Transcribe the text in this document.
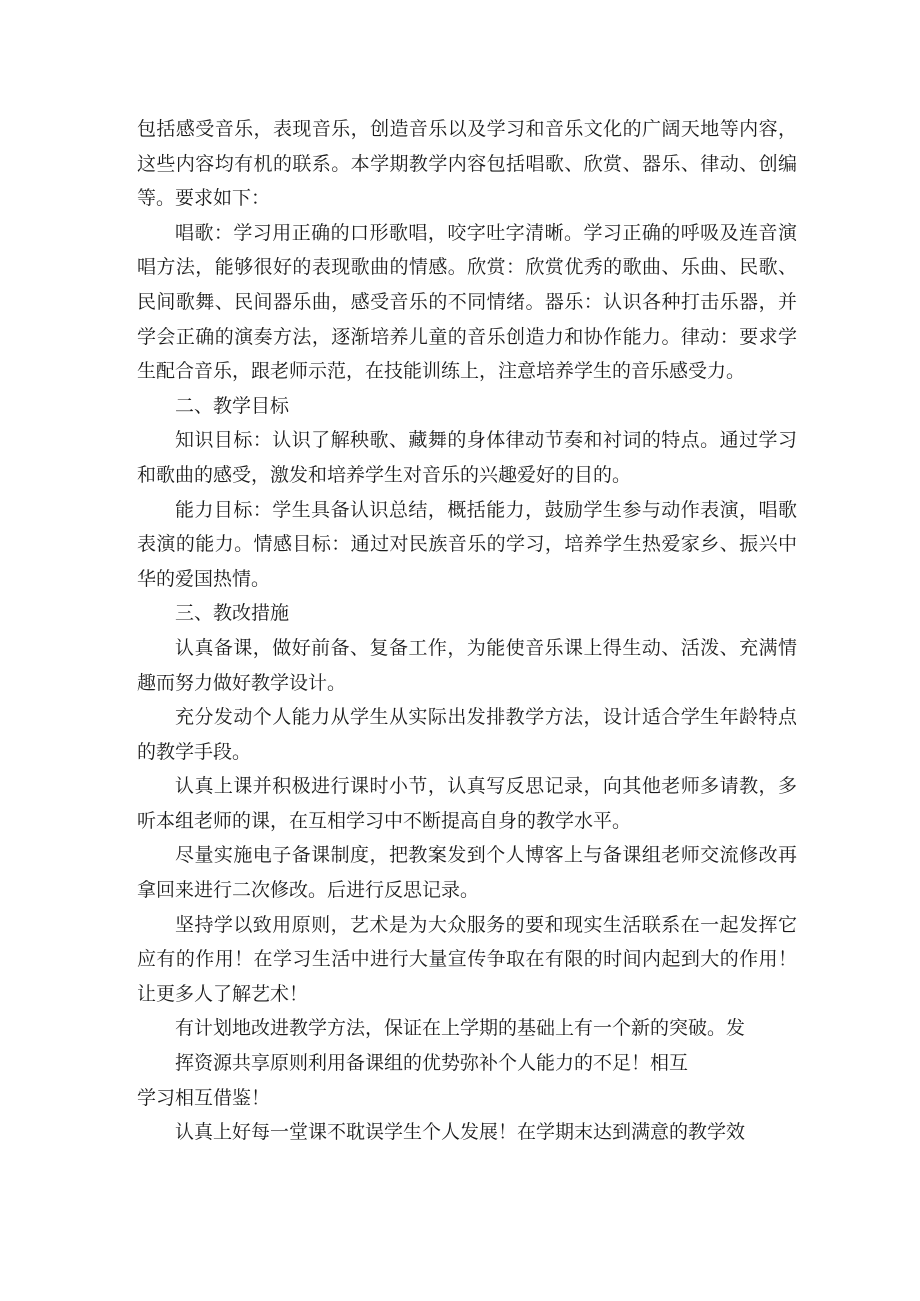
包括感受音乐，表现音乐，创造音乐以及学习和音乐文化的广阔天地等内容，这些内容均有机的联系。本学期教学内容包括唱歌、欣赏、器乐、律动、创编等。要求如下：

唱歌：学习用正确的口形歌唱，咬字吐字清晰。学习正确的呼吸及连音演唱方法，能够很好的表现歌曲的情感。欣赏：欣赏优秀的歌曲、乐曲、民歌、民间歌舞、民间器乐曲，感受音乐的不同情绪。器乐：认识各种打击乐器，并学会正确的演奏方法，逐渐培养儿童的音乐创造力和协作能力。律动：要求学生配合音乐，跟老师示范，在技能训练上，注意培养学生的音乐感受力。

二、教学目标

知识目标：认识了解秧歌、藏舞的身体律动节奏和衬词的特点。通过学习和歌曲的感受，激发和培养学生对音乐的兴趣爱好的目的。

能力目标：学生具备认识总结，概括能力，鼓励学生参与动作表演，唱歌表演的能力。情感目标：通过对民族音乐的学习，培养学生热爱家乡、振兴中华的爱国热情。

三、教改措施

认真备课，做好前备、复备工作，为能使音乐课上得生动、活泼、充满情趣而努力做好教学设计。

充分发动个人能力从学生从实际出发排教学方法，设计适合学生年龄特点的教学手段。

认真上课并积极进行课时小节，认真写反思记录，向其他老师多请教，多听本组老师的课，在互相学习中不断提高自身的教学水平。

尽量实施电子备课制度，把教案发到个人博客上与备课组老师交流修改再拿回来进行二次修改。后进行反思记录。

坚持学以致用原则，艺术是为大众服务的要和现实生活联系在一起发挥它应有的作用！在学习生活中进行大量宣传争取在有限的时间内起到大的作用！让更多人了解艺术！

有计划地改进教学方法，保证在上学期的基础上有一个新的突破。发

挥资源共享原则利用备课组的优势弥补个人能力的不足！相互

学习相互借鉴！

认真上好每一堂课不耽误学生个人发展！在学期末达到满意的教学效
